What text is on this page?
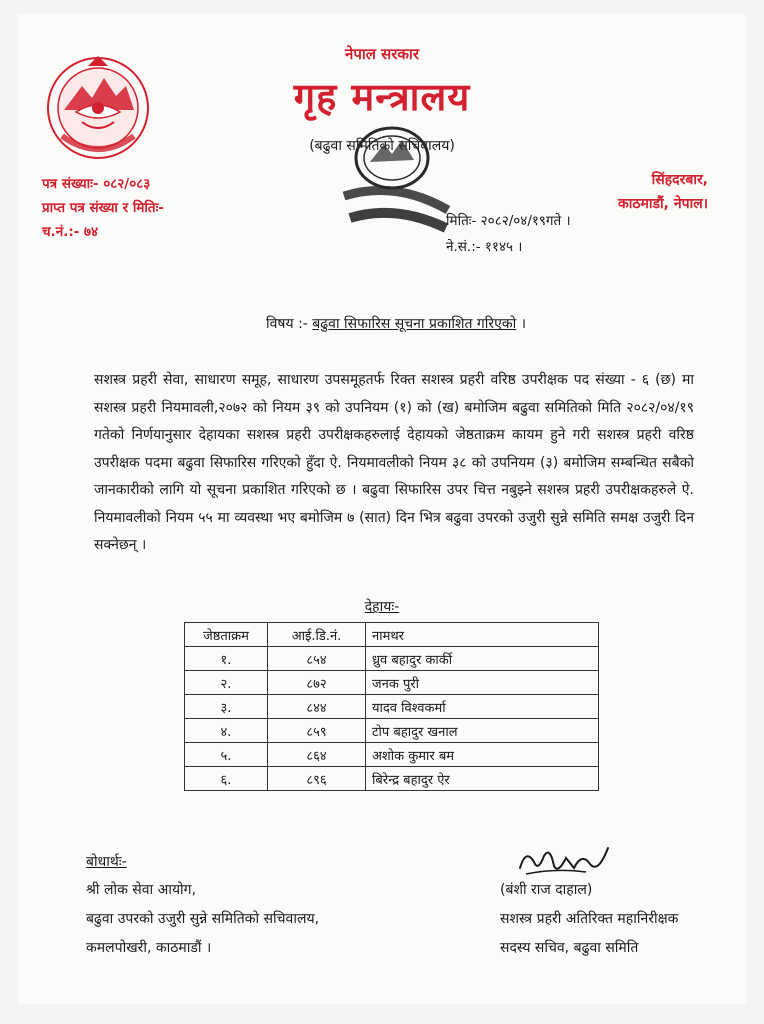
नेपाल सरकार
गृह मन्त्रालय
(बढुवा समितिको सचिवालय)
पत्र संख्याः- ०८२/०८३
प्राप्त पत्र संख्या र मितिः-
च.नं.:- ७४
सिंहदरबार,
काठमाडौं, नेपाल।
मितिः- २०८२/०४/१९गते ।
ने.सं.:- ११४५ ।
विषय :- बढुवा सिफारिस सूचना प्रकाशित गरिएको ।
सशस्त्र प्रहरी सेवा, साधारण समूह, साधारण उपसमूहतर्फ रिक्त सशस्त्र प्रहरी वरिष्ठ उपरीक्षक पद संख्या - ६ (छ) मा सशस्त्र प्रहरी नियमावली,२०७२ को नियम ३९ को उपनियम (१) को (ख) बमोजिम बढुवा समितिको मिति २०८२/०४/१९ गतेको निर्णयानुसार देहायका सशस्त्र प्रहरी उपरीक्षकहरुलाई देहायको जेष्ठताक्रम कायम हुने गरी सशस्त्र प्रहरी वरिष्ठ उपरीक्षक पदमा बढुवा सिफारिस गरिएको हुँदा ऐ. नियमावलीको नियम ३८ को उपनियम (३) बमोजिम सम्बन्धित सबैको जानकारीको लागि यो सूचना प्रकाशित गरिएको छ । बढुवा सिफारिस उपर चित्त नबुझ्ने सशस्त्र प्रहरी उपरीक्षकहरुले ऐ. नियमावलीको नियम ५५ मा व्यवस्था भए बमोजिम ७ (सात) दिन भित्र बढुवा उपरको उजुरी सुन्ने समिति समक्ष उजुरी दिन सक्नेछन् ।
देहायः-
जेष्ठताक्रम	आई.डि.नं.	नामथर
१.	८५४	ध्रुव बहादुर कार्की
२.	८७२	जनक पुरी
३.	८४४	यादव विश्वकर्मा
४.	८५९	टोप बहादुर खनाल
५.	८६४	अशोक कुमार बम
६.	८९६	बिरेन्द्र बहादुर ऐर
बोधार्थः-
श्री लोक सेवा आयोग,
बढुवा उपरको उजुरी सुन्ने समितिको सचिवालय,
कमलपोखरी, काठमाडौं ।
(बंशी राज दाहाल)
सशस्त्र प्रहरी अतिरिक्त महानिरीक्षक
सदस्य सचिव, बढुवा समिति
